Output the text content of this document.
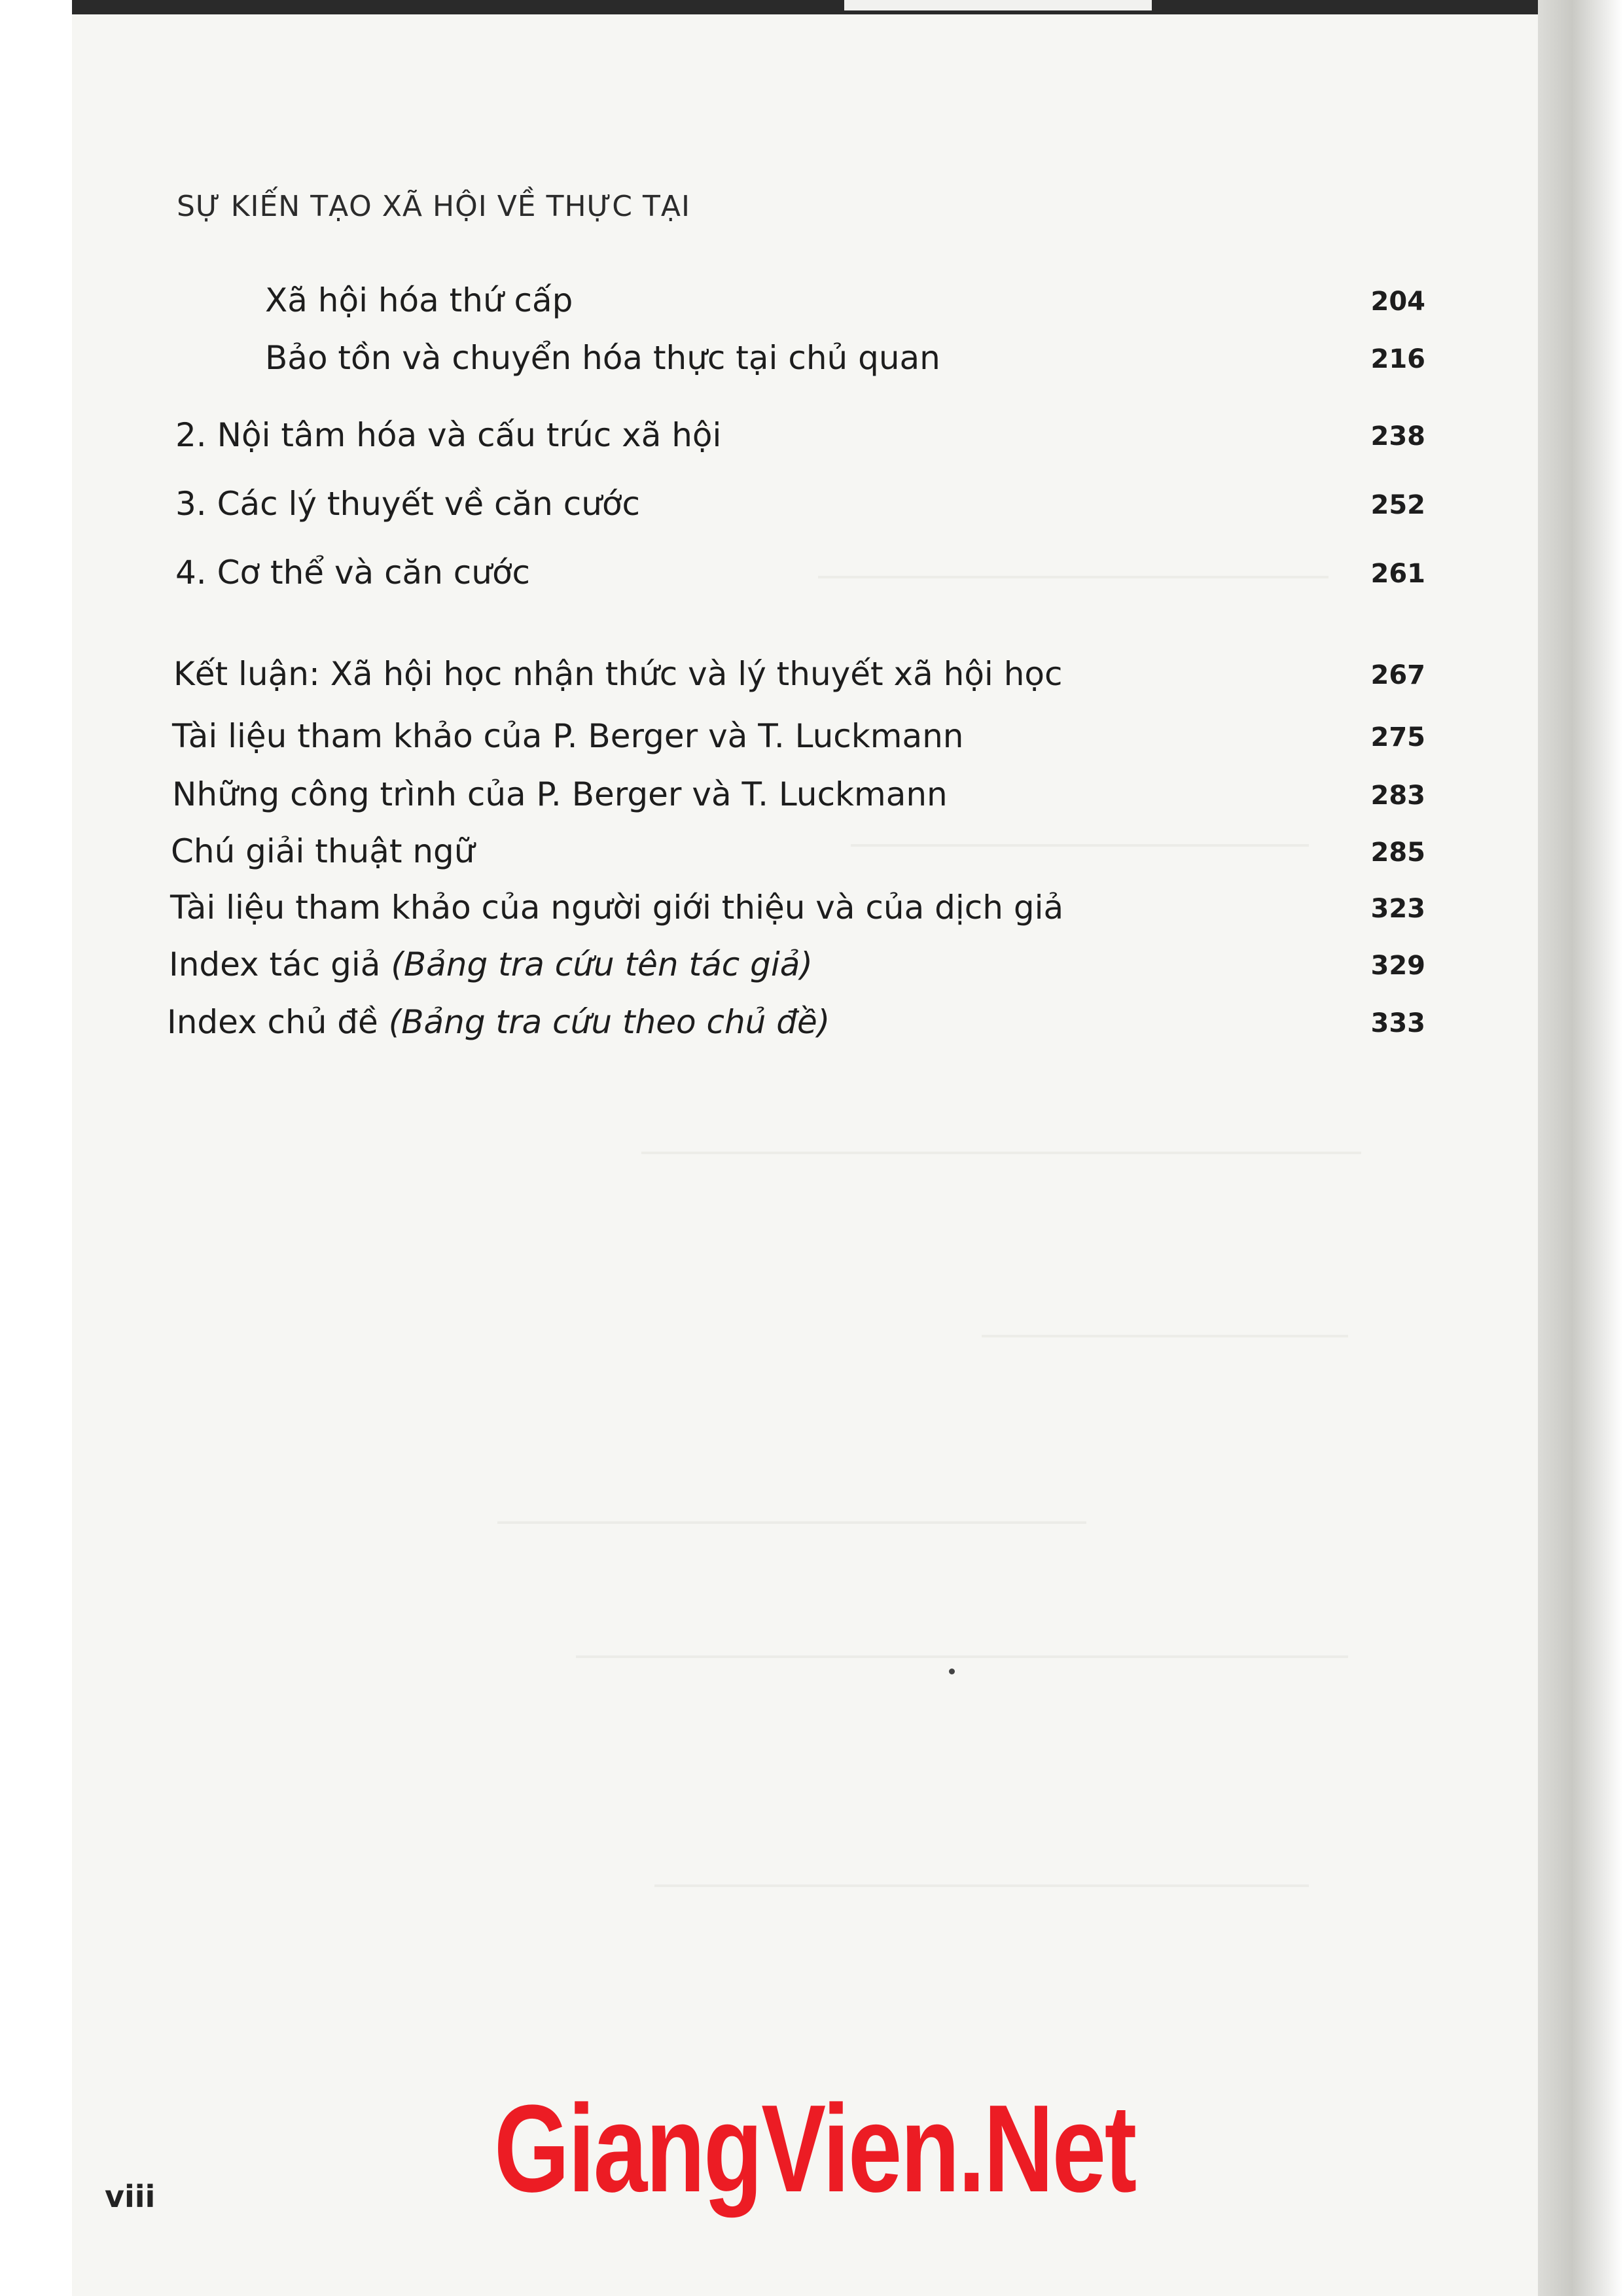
SỰ KIẾN TẠO XÃ HỘI VỀ THỰC TẠI
Xã hội hóa thứ cấp	204
Bảo tồn và chuyển hóa thực tại chủ quan	216
2. Nội tâm hóa và cấu trúc xã hội	238
3. Các lý thuyết về căn cước	252
4. Cơ thể và căn cước	261
Kết luận: Xã hội học nhận thức và lý thuyết xã hội học	267
Tài liệu tham khảo của P. Berger và T. Luckmann	275
Những công trình của P. Berger và T. Luckmann	283
Chú giải thuật ngữ	285
Tài liệu tham khảo của người giới thiệu và của dịch giả	323
Index tác giả (Bảng tra cứu tên tác giả)	329
Index chủ đề (Bảng tra cứu theo chủ đề)	333
GiangVien.Net
viii
